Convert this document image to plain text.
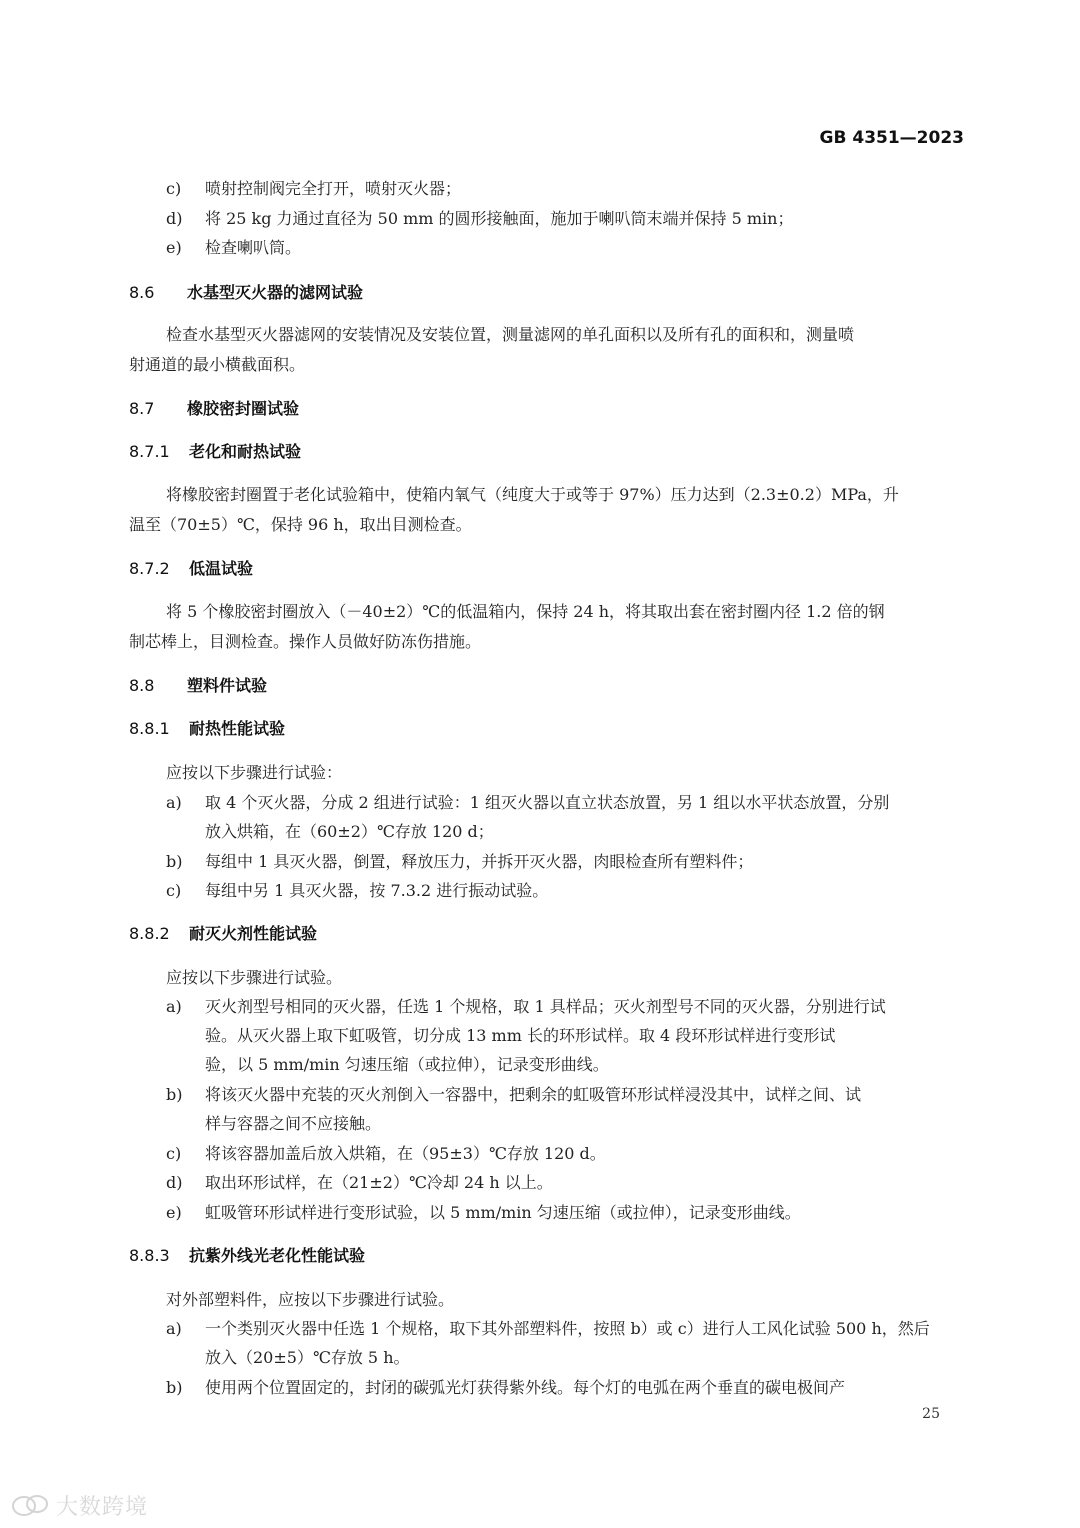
GB 4351—2023
c) 喷射控制阀完全打开，喷射灭火器；
d) 将 25 kg 力通过直径为 50 mm 的圆形接触面，施加于喇叭筒末端并保持 5 min；
e) 检查喇叭筒。
8.6 水基型灭火器的滤网试验
检查水基型灭火器滤网的安装情况及安装位置，测量滤网的单孔面积以及所有孔的面积和，测量喷
射通道的最小横截面积。
8.7 橡胶密封圈试验
8.7.1 老化和耐热试验
将橡胶密封圈置于老化试验箱中，使箱内氧气（纯度大于或等于 97%）压力达到（2.3±0.2）MPa，升
温至（70±5）℃，保持 96 h，取出目测检查。
8.7.2 低温试验
将 5 个橡胶密封圈放入（－40±2）℃的低温箱内，保持 24 h，将其取出套在密封圈内径 1.2 倍的钢
制芯棒上，目测检查。操作人员做好防冻伤措施。
8.8 塑料件试验
8.8.1 耐热性能试验
应按以下步骤进行试验：
a) 取 4 个灭火器，分成 2 组进行试验：1 组灭火器以直立状态放置，另 1 组以水平状态放置，分别
放入烘箱，在（60±2）℃存放 120 d；
b) 每组中 1 具灭火器，倒置，释放压力，并拆开灭火器，肉眼检查所有塑料件；
c) 每组中另 1 具灭火器，按 7.3.2 进行振动试验。
8.8.2 耐灭火剂性能试验
应按以下步骤进行试验。
a) 灭火剂型号相同的灭火器，任选 1 个规格，取 1 具样品；灭火剂型号不同的灭火器，分别进行试
验。从灭火器上取下虹吸管，切分成 13 mm 长的环形试样。取 4 段环形试样进行变形试
验，以 5 mm/min 匀速压缩（或拉伸），记录变形曲线。
b) 将该灭火器中充装的灭火剂倒入一容器中，把剩余的虹吸管环形试样浸没其中，试样之间、试
样与容器之间不应接触。
c) 将该容器加盖后放入烘箱，在（95±3）℃存放 120 d。
d) 取出环形试样，在（21±2）℃冷却 24 h 以上。
e) 虹吸管环形试样进行变形试验，以 5 mm/min 匀速压缩（或拉伸），记录变形曲线。
8.8.3 抗紫外线光老化性能试验
对外部塑料件，应按以下步骤进行试验。
a) 一个类别灭火器中任选 1 个规格，取下其外部塑料件，按照 b）或 c）进行人工风化试验 500 h，然后
放入（20±5）℃存放 5 h。
b) 使用两个位置固定的，封闭的碳弧光灯获得紫外线。每个灯的电弧在两个垂直的碳电极间产
25
大数跨境
